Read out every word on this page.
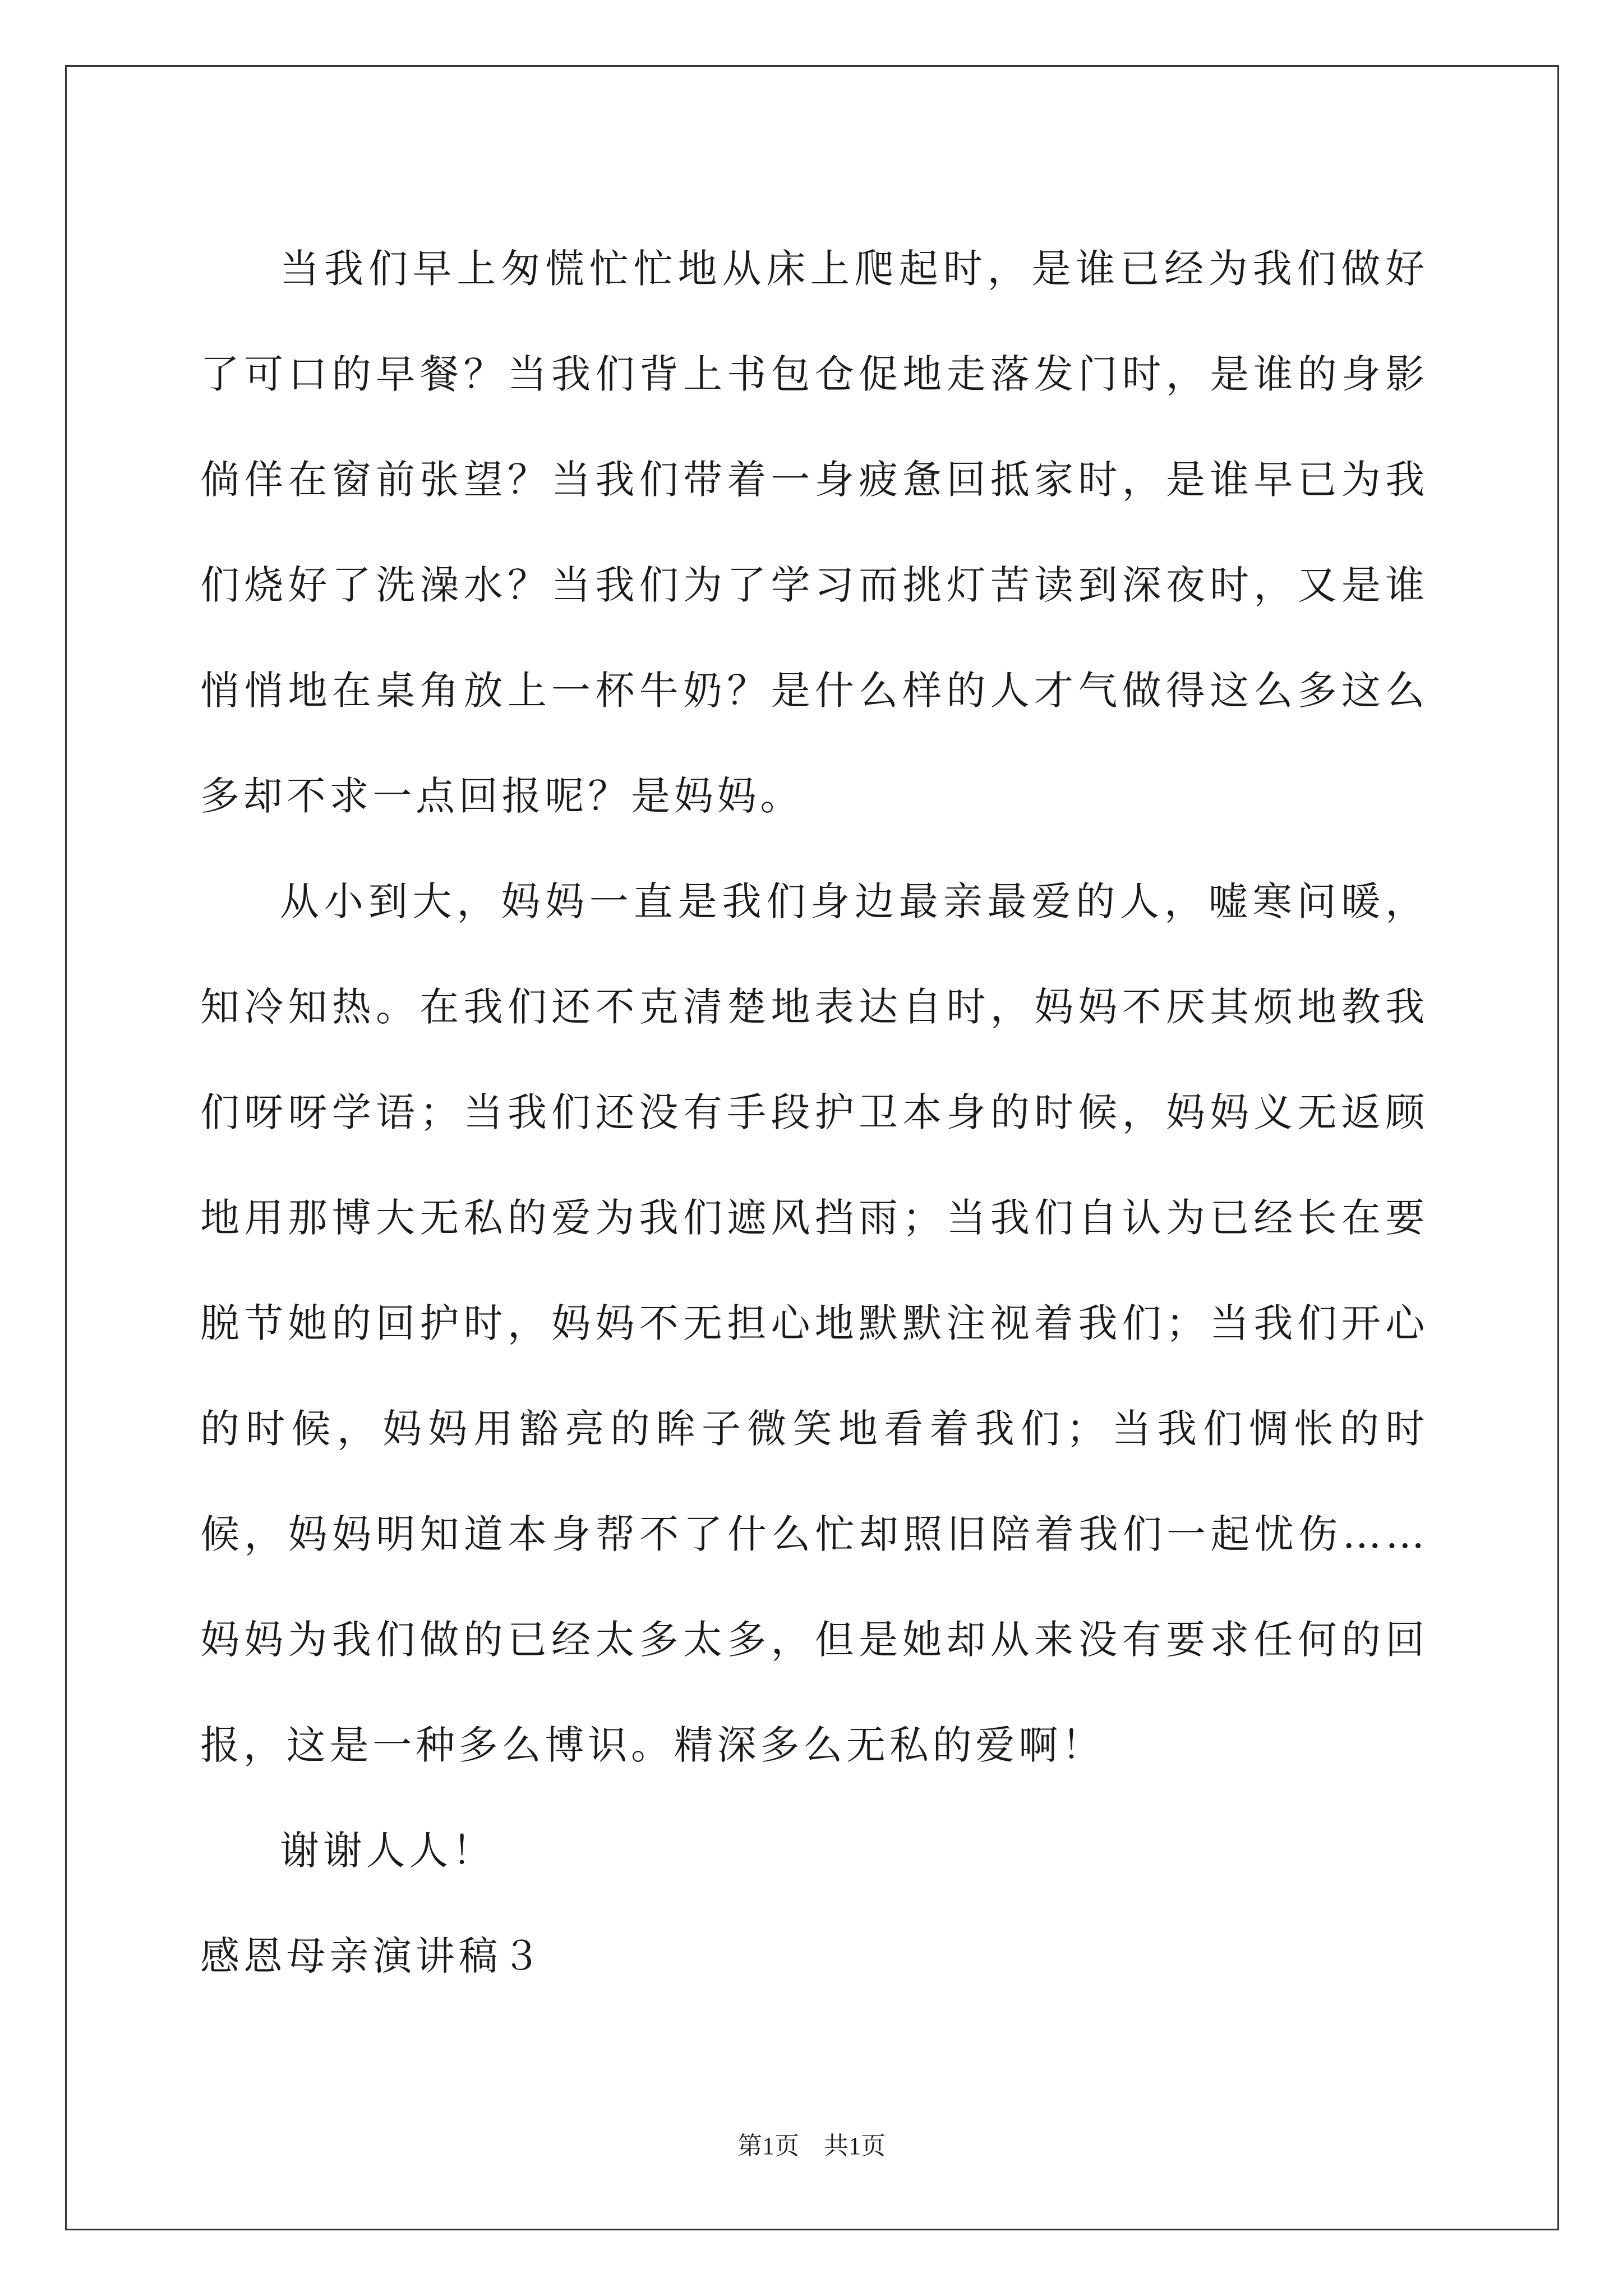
当我们早上匆慌忙忙地从床上爬起时，是谁已经为我们做好了可口的早餐？当我们背上书包仓促地走落发门时，是谁的身影倘佯在窗前张望？当我们带着一身疲惫回抵家时，是谁早已为我们烧好了洗澡水？当我们为了学习而挑灯苦读到深夜时，又是谁悄悄地在桌角放上一杯牛奶？是什么样的人才气做得这么多这么多却不求一点回报呢？是妈妈。

从小到大，妈妈一直是我们身边最亲最爱的人，嘘寒问暖，知冷知热。在我们还不克清楚地表达自时，妈妈不厌其烦地教我们呀呀学语；当我们还没有手段护卫本身的时候，妈妈义无返顾地用那博大无私的爱为我们遮风挡雨；当我们自认为已经长在要脱节她的回护时，妈妈不无担心地默默注视着我们；当我们开心的时候，妈妈用豁亮的眸子微笑地看着我们；当我们惆怅的时候，妈妈明知道本身帮不了什么忙却照旧陪着我们一起忧伤……妈妈为我们做的已经太多太多，但是她却从来没有要求任何的回报，这是一种多么博识。精深多么无私的爱啊！

谢谢人人！

感恩母亲演讲稿３

第1页　共1页
